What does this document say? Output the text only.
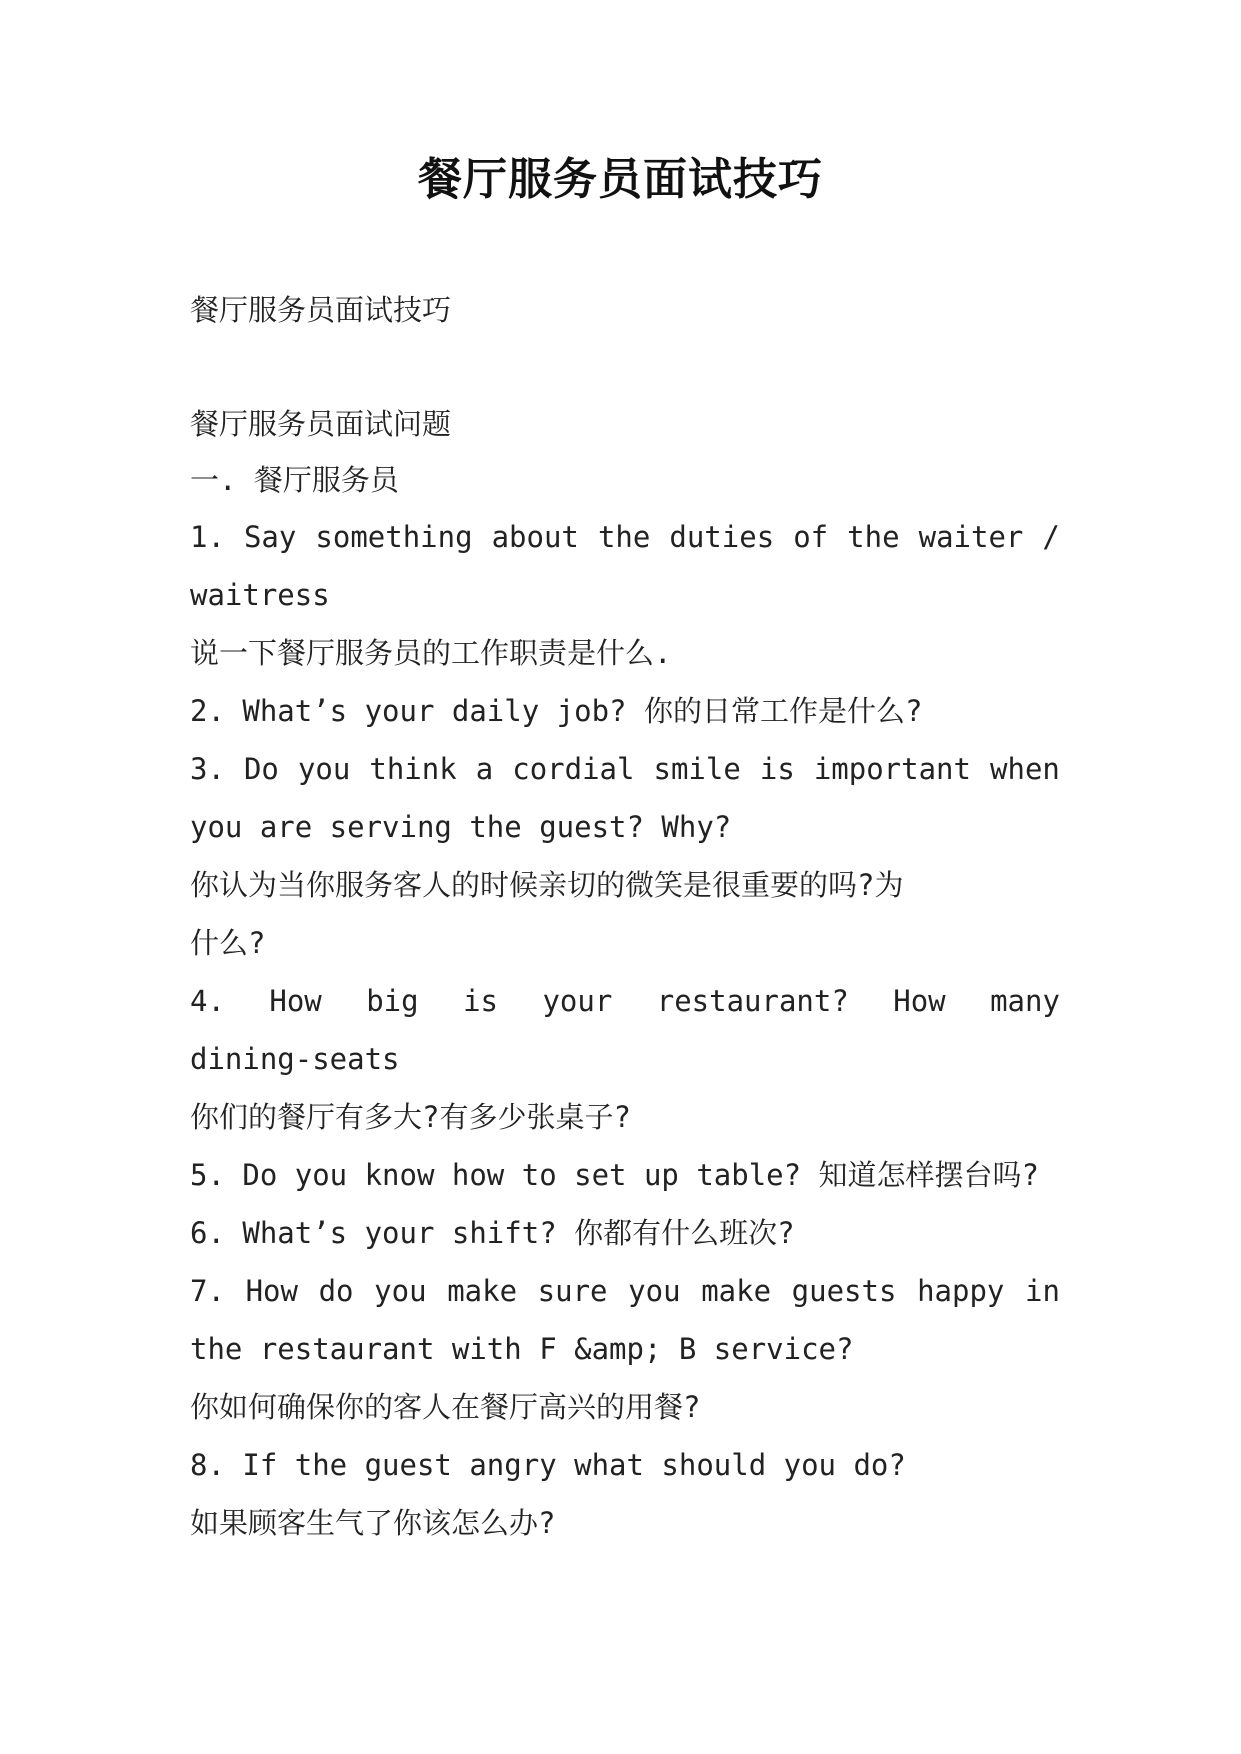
餐厅服务员面试技巧
餐厅服务员面试技巧
餐厅服务员面试问题
一. 餐厅服务员
1. Say something about the duties of the waiter /
waitress
说一下餐厅服务员的工作职责是什么.
2. What’s your daily job? 你的日常工作是什么?
3. Do you think a cordial smile is important when
you are serving the guest? Why?
你认为当你服务客人的时候亲切的微笑是很重要的吗?为
什么?
4. How big is your restaurant? How many
dining-seats
你们的餐厅有多大?有多少张桌子?
5. Do you know how to set up table? 知道怎样摆台吗?
6. What’s your shift? 你都有什么班次?
7. How do you make sure you make guests happy in
the restaurant with F &amp; B service?
你如何确保你的客人在餐厅高兴的用餐?
8. If the guest angry what should you do?
如果顾客生气了你该怎么办?
